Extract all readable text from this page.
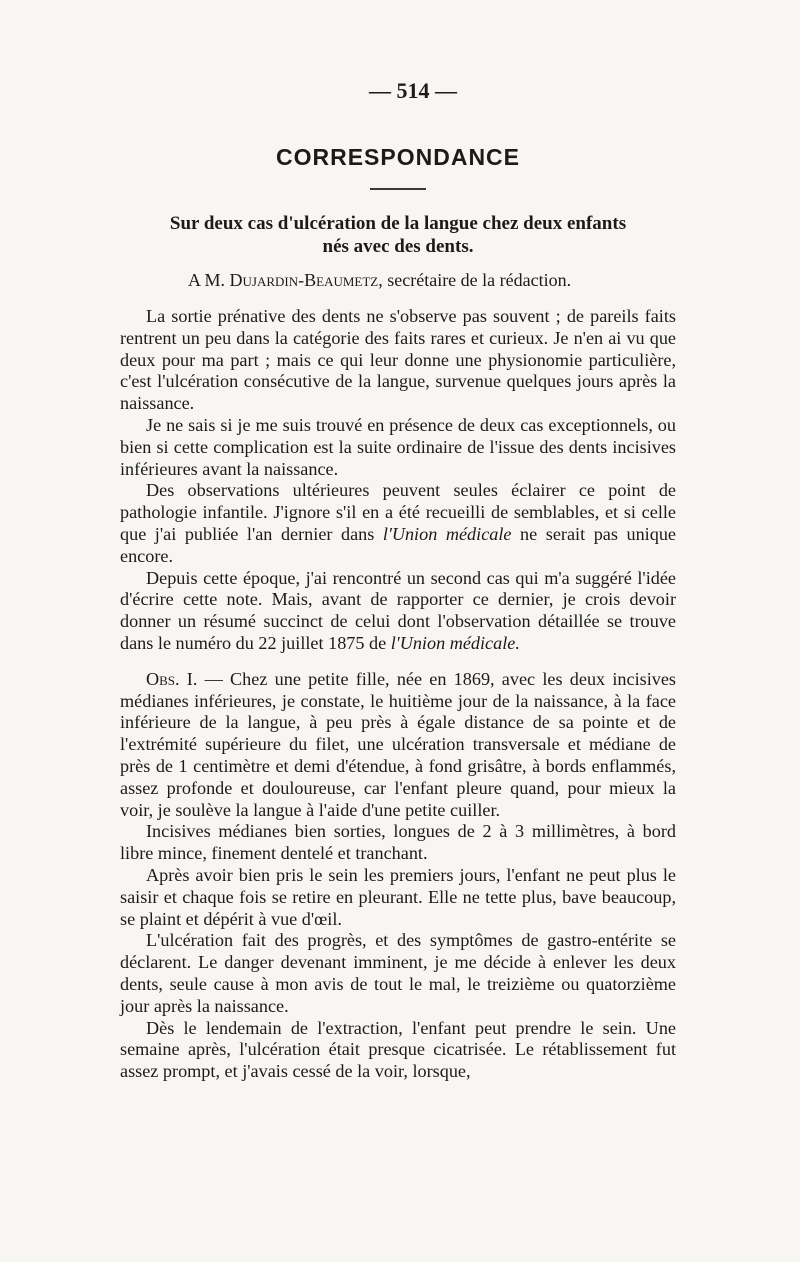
— 514 —
CORRESPONDANCE
Sur deux cas d'ulcération de la langue chez deux enfants
nés avec des dents.
A M. Dujardin-Beaumetz, secrétaire de la rédaction.

La sortie prénative des dents ne s'observe pas souvent ; de pareils faits rentrent un peu dans la catégorie des faits rares et curieux. Je n'en ai vu que deux pour ma part ; mais ce qui leur donne une physionomie particulière, c'est l'ulcération consécutive de la langue, survenue quelques jours après la naissance.

Je ne sais si je me suis trouvé en présence de deux cas exceptionnels, ou bien si cette complication est la suite ordinaire de l'issue des dents incisives inférieures avant la naissance.

Des observations ultérieures peuvent seules éclairer ce point de pathologie infantile. J'ignore s'il en a été recueilli de semblables, et si celle que j'ai publiée l'an dernier dans l'Union médicale ne serait pas unique encore.

Depuis cette époque, j'ai rencontré un second cas qui m'a suggéré l'idée d'écrire cette note. Mais, avant de rapporter ce dernier, je crois devoir donner un résumé succinct de celui dont l'observation détaillée se trouve dans le numéro du 22 juillet 1875 de l'Union médicale.

Obs. I. — Chez une petite fille, née en 1869, avec les deux incisives médianes inférieures, je constate, le huitième jour de la naissance, à la face inférieure de la langue, à peu près à égale distance de sa pointe et de l'extrémité supérieure du filet, une ulcération transversale et médiane de près de 1 centimètre et demi d'étendue, à fond grisâtre, à bords enflammés, assez profonde et douloureuse, car l'enfant pleure quand, pour mieux la voir, je soulève la langue à l'aide d'une petite cuiller.

Incisives médianes bien sorties, longues de 2 à 3 millimètres, à bord libre mince, finement dentelé et tranchant.

Après avoir bien pris le sein les premiers jours, l'enfant ne peut plus le saisir et chaque fois se retire en pleurant. Elle ne tette plus, bave beaucoup, se plaint et dépérit à vue d'œil.

L'ulcération fait des progrès, et des symptômes de gastro-entérite se déclarent. Le danger devenant imminent, je me décide à enlever les deux dents, seule cause à mon avis de tout le mal, le treizième ou quatorzième jour après la naissance.

Dès le lendemain de l'extraction, l'enfant peut prendre le sein. Une semaine après, l'ulcération était presque cicatrisée. Le rétablissement fut assez prompt, et j'avais cessé de la voir, lorsque,
